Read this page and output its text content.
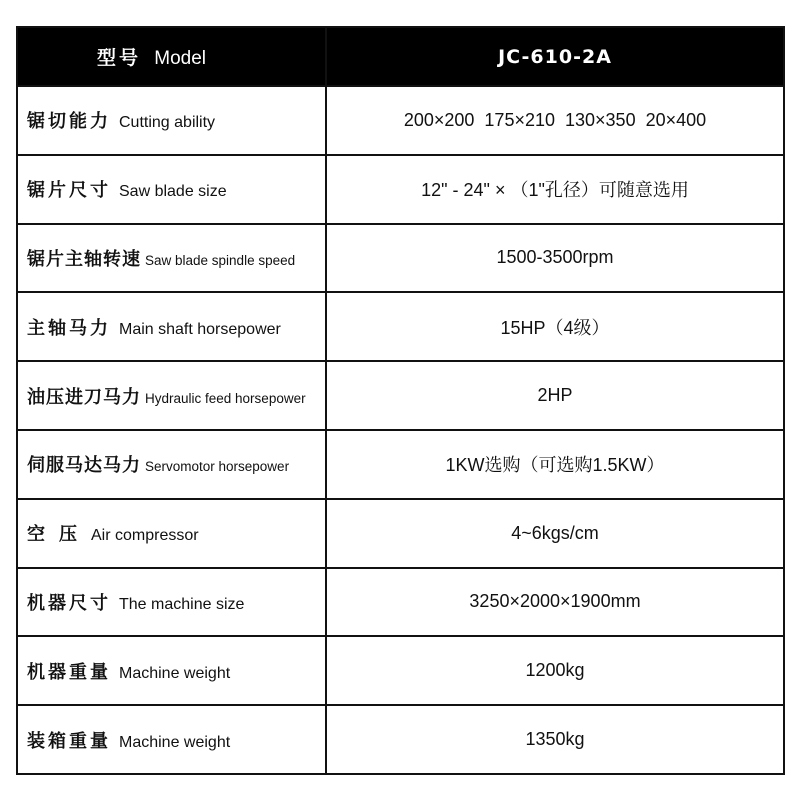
型号 Model	JC-610-2A
锯切能力 Cutting ability	200×200  175×210  130×350  20×400
锯片尺寸 Saw blade size	12" - 24" × （1"孔径）可随意选用
锯片主轴转速 Saw blade spindle speed	1500-3500rpm
主轴马力 Main shaft horsepower	15HP（4级）
油压进刀马力 Hydraulic feed horsepower	2HP
伺服马达马力 Servomotor horsepower	1KW选购（可选购1.5KW）
空压Air compressor	4~6kgs/cm
机器尺寸 The machine size	3250×2000×1900mm
机器重量 Machine weight	1200kg
装箱重量 Machine weight	1350kg
